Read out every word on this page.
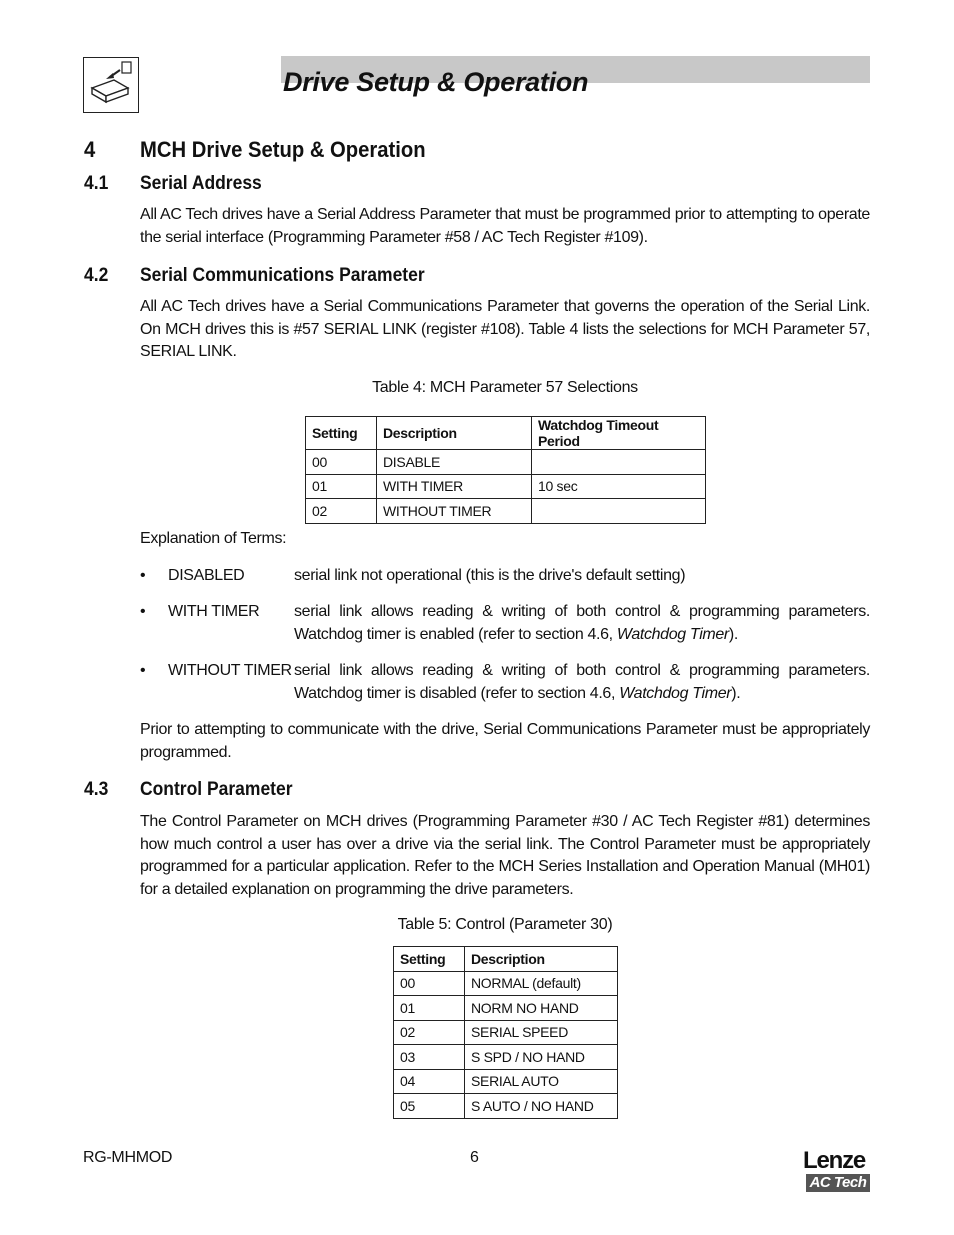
Drive Setup & Operation
4 MCH Drive Setup & Operation
4.1 Serial Address
All AC Tech drives have a Serial Address Parameter that must be programmed prior to attempting to operate the serial interface (Programming Parameter #58 / AC Tech Register #109).
4.2 Serial Communications Parameter
All AC Tech drives have a Serial Communications Parameter that governs the operation of the Serial Link. On MCH drives this is #57 SERIAL LINK (register #108). Table 4 lists the selections for MCH Parameter 57, SERIAL LINK.
Table 4: MCH Parameter 57 Selections
Setting	Description	Watchdog Timeout Period
00	DISABLE	
01	WITH TIMER	10 sec
02	WITHOUT TIMER	
Explanation of Terms:
• DISABLED	serial link not operational (this is the drive's default setting)
• WITH TIMER serial link allows reading & writing of both control & programming parameters. Watchdog timer is enabled (refer to section 4.6, Watchdog Timer).
• WITHOUT TIMER serial link allows reading & writing of both control & programming parameters. Watchdog timer is disabled (refer to section 4.6, Watchdog Timer).
Prior to attempting to communicate with the drive, Serial Communications Parameter must be appropriately programmed.
4.3 Control Parameter
The Control Parameter on MCH drives (Programming Parameter #30 / AC Tech Register #81) determines how much control a user has over a drive via the serial link. The Control Parameter must be appropriately programmed for a particular application. Refer to the MCH Series Installation and Operation Manual (MH01) for a detailed explanation on programming the drive parameters.
Table 5: Control (Parameter 30)
Setting	Description
00	NORMAL (default)
01	NORM NO HAND
02	SERIAL SPEED
03	S SPD / NO HAND
04	SERIAL AUTO
05	S AUTO / NO HAND
RG-MHMOD	6	Lenze
AC Tech
